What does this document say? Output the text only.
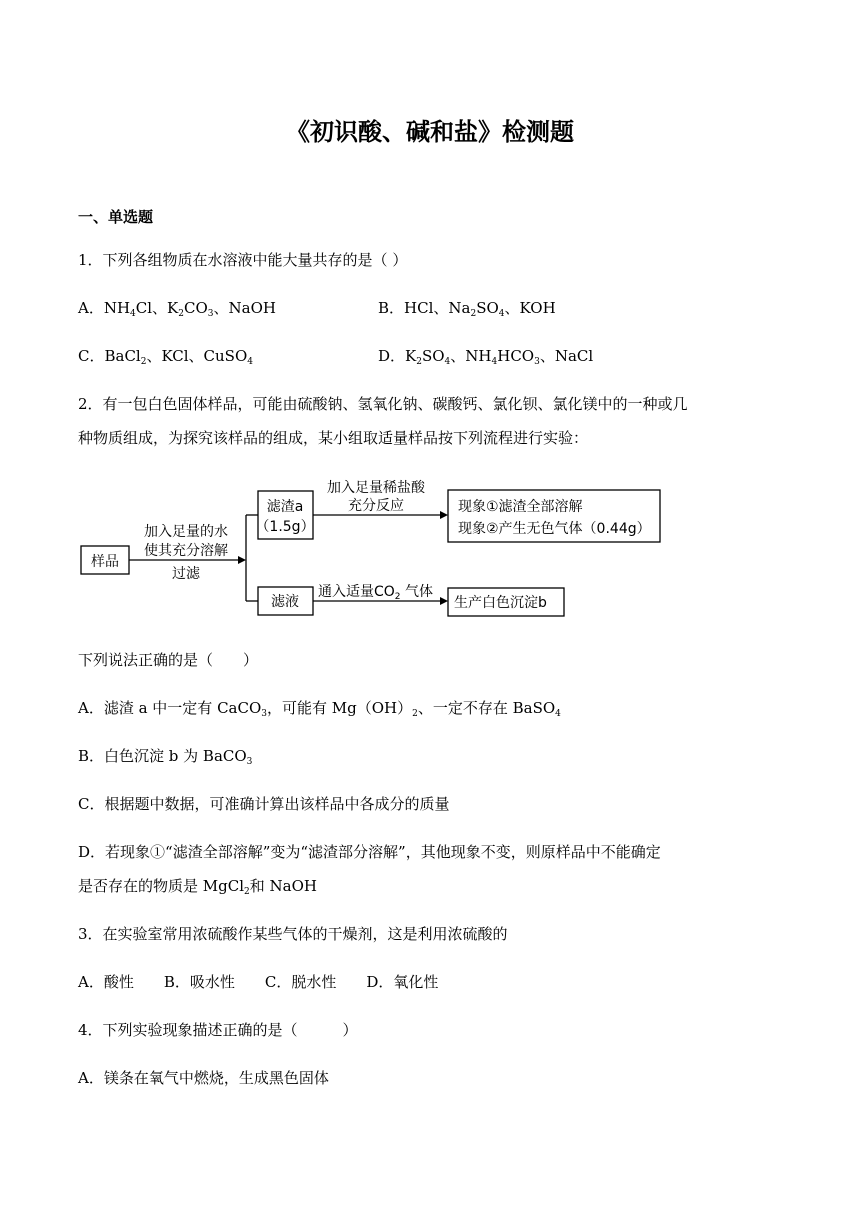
《初识酸、碱和盐》检测题
一、单选题
1．下列各组物质在水溶液中能大量共存的是（ ）
A．$NH_4Cl$、$K_2CO_3$、NaOH	B．HCl、$Na_2SO_4$、KOH
C．BaCl$_2$、KCl、CuSO$_4$	D．$K_2SO_4$、$NH_4HCO_3$、NaCl
2．有一包白色固体样品，可能由硫酸钠、氢氧化钠、碳酸钙、氯化钡、氯化镁中的一种或几
种物质组成，为探究该样品的组成，某小组取适量样品按下列流程进行实验：
样品
加入足量的水
使其充分溶解
过滤
滤渣a
（1.5g）
滤液
加入足量稀盐酸
充分反应	现象①滤渣全部溶解
现象②产生无色气体（0.44g）
通入适量$CO_2$ 气体
生产白色沉淀b
下列说法正确的是（　　）
A．滤渣 a 中一定有 CaCO$_3$，可能有 $Mg(OH)_2$、一定不存在 BaSO$_4$
B．白色沉淀 b 为 BaCO$_3$
C．根据题中数据，可准确计算出该样品中各成分的质量
D．若现象①“滤渣全部溶解”变为“滤渣部分溶解”，其他现象不变，则原样品中不能确定
是否存在的物质是 MgCl$_2$和 NaOH
3．在实验室常用浓硫酸作某些气体的干燥剂，这是利用浓硫酸的
A．酸性　　B．吸水性　　C．脱水性　　D．氧化性
4．下列实验现象描述正确的是（　　　）
A．镁条在氧气中燃烧，生成黑色固体
